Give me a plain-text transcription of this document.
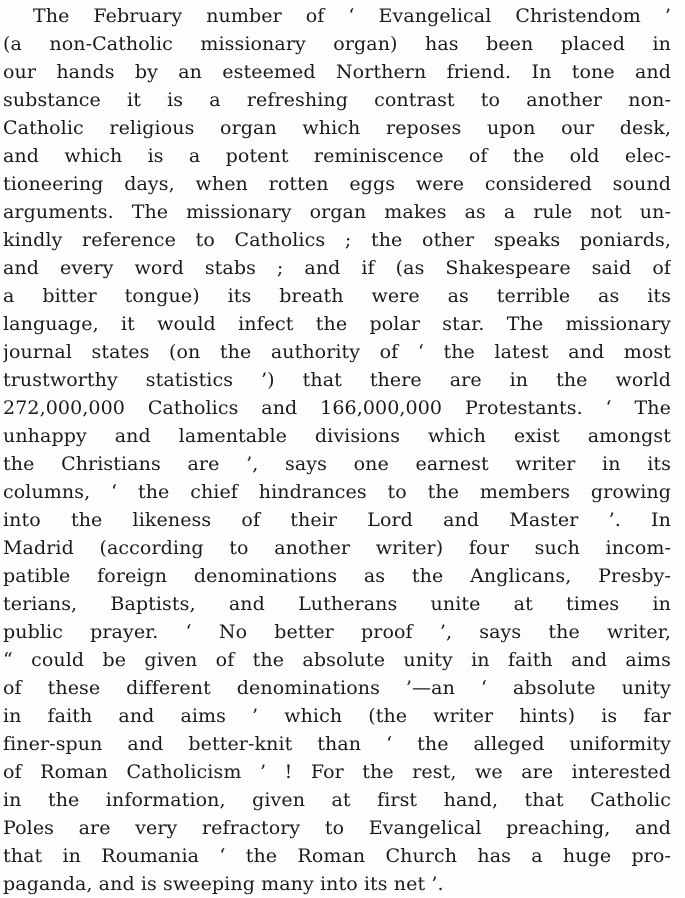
The February number of ‘ Evangelical Christendom ’
(a non-Catholic missionary organ) has been placed in
our hands by an esteemed Northern friend. In tone and
substance it is a refreshing contrast to another non-
Catholic religious organ which reposes upon our desk,
and which is a potent reminiscence of the old elec-
tioneering days, when rotten eggs were considered sound
arguments. The missionary organ makes as a rule not un-
kindly reference to Catholics ; the other speaks poniards,
and every word stabs ; and if (as Shakespeare said of
a bitter tongue) its breath were as terrible as its
language, it would infect the polar star. The missionary
journal states (on the authority of ‘ the latest and most
trustworthy statistics ’) that there are in the world
272,000,000 Catholics and 166,000,000 Protestants. ‘ The
unhappy and lamentable divisions which exist amongst
the Christians are ’, says one earnest writer in its
columns, ‘ the chief hindrances to the members growing
into the likeness of their Lord and Master ’. In
Madrid (according to another writer) four such incom-
patible foreign denominations as the Anglicans, Presby-
terians, Baptists, and Lutherans unite at times in
public prayer. ‘ No better proof ’, says the writer,
“ could be given of the absolute unity in faith and aims
of these different denominations ’—an ‘ absolute unity
in faith and aims ’ which (the writer hints) is far
finer-spun and better-knit than ‘ the alleged uniformity
of Roman Catholicism ’ ! For the rest, we are interested
in the information, given at first hand, that Catholic
Poles are very refractory to Evangelical preaching, and
that in Roumania ‘ the Roman Church has a huge pro-
paganda, and is sweeping many into its net ’.
